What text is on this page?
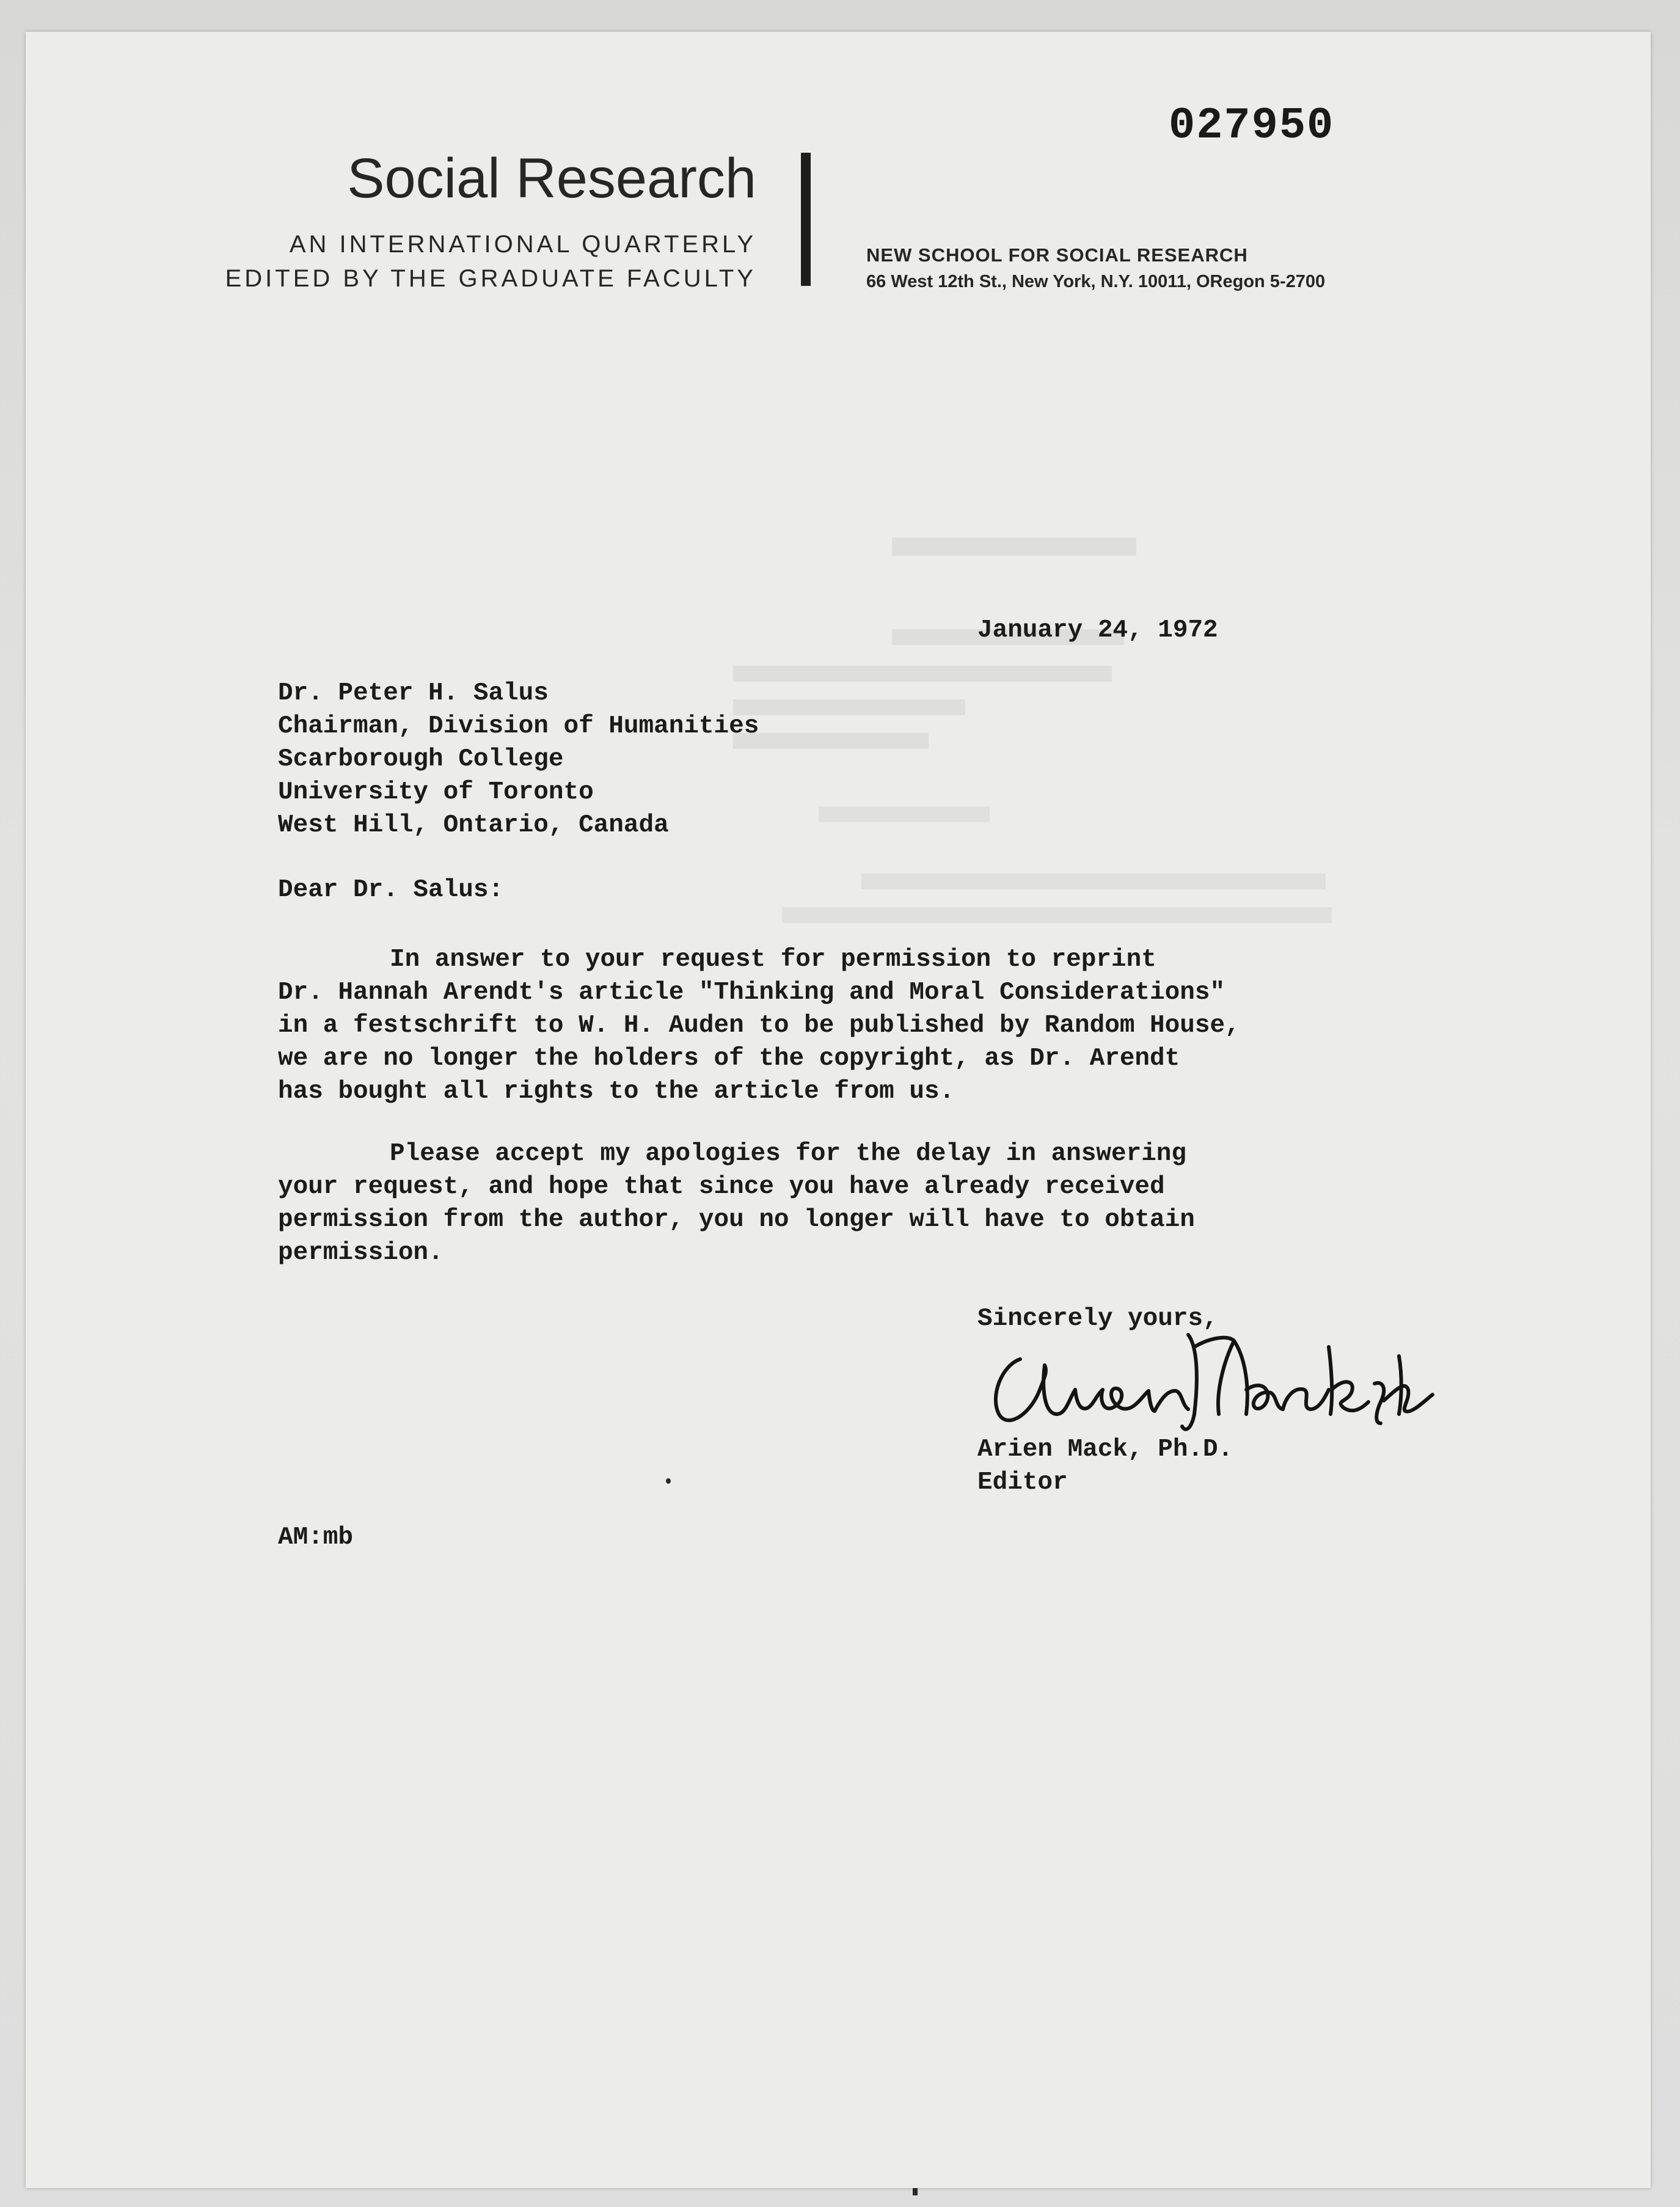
027950
Social Research
AN INTERNATIONAL QUARTERLY
EDITED BY THE GRADUATE FACULTY
NEW SCHOOL FOR SOCIAL RESEARCH
66 West 12th St., New York, N.Y. 10011, ORegon 5-2700
January 24, 1972
Dr. Peter H. Salus
Chairman, Division of Humanities
Scarborough College
University of Toronto
West Hill, Ontario, Canada
Dear Dr. Salus:
In answer to your request for permission to reprint
Dr. Hannah Arendt's article "Thinking and Moral Considerations"
in a festschrift to W. H. Auden to be published by Random House,
we are no longer the holders of the copyright, as Dr. Arendt
has bought all rights to the article from us.
Please accept my apologies for the delay in answering
your request, and hope that since you have already received
permission from the author, you no longer will have to obtain
permission.
Sincerely yours,
Arien Mack, Ph.D.
Editor
AM:mb
